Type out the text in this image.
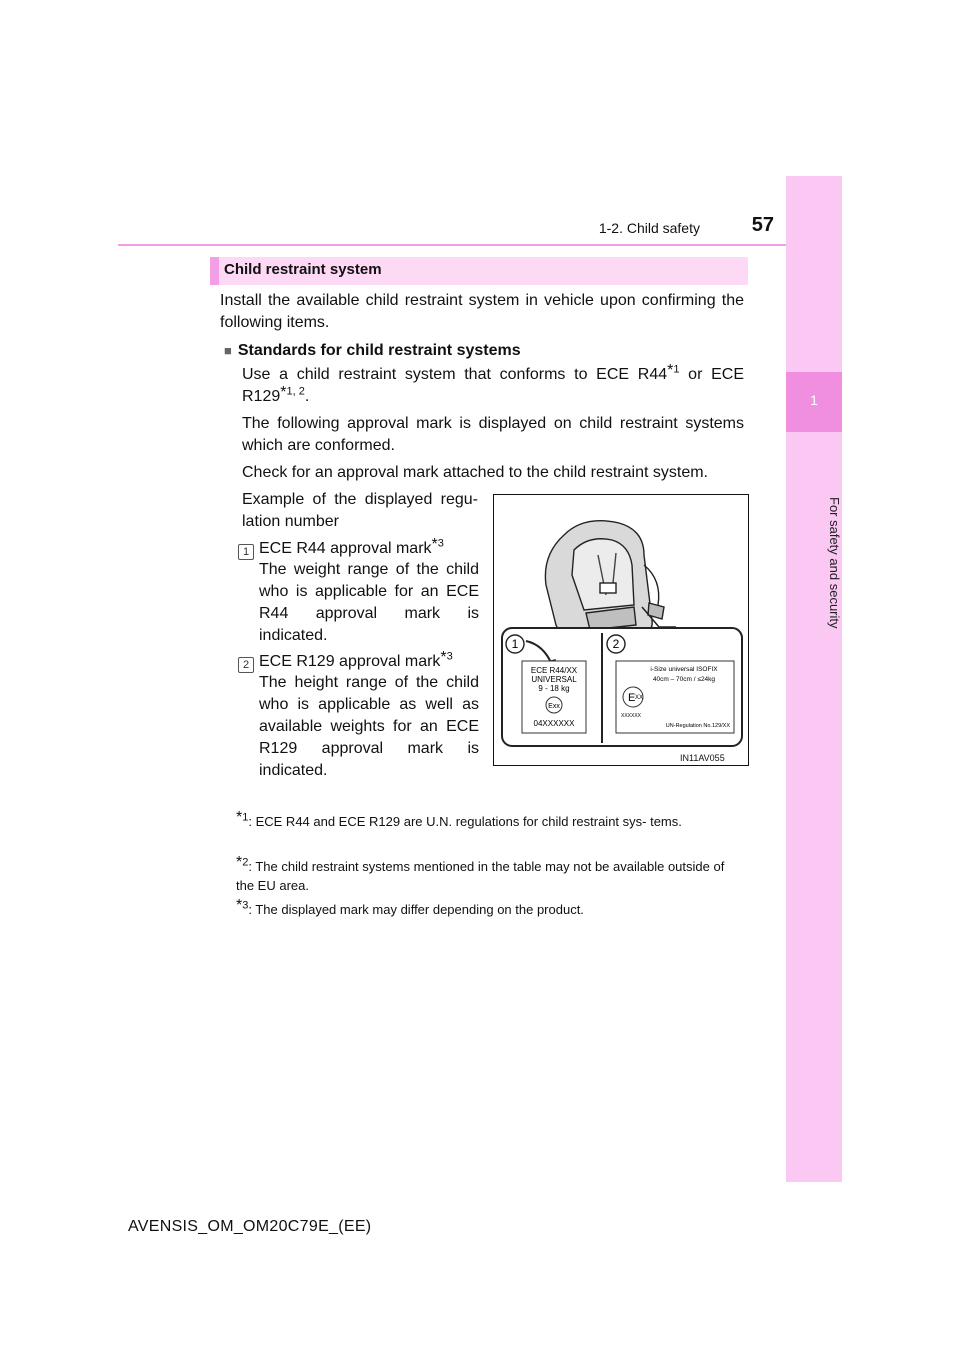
1
For safety and security
1-2. Child safety	57
Child restraint system
Install the available child restraint system in vehicle upon confirming the following items.
■ Standards for child restraint systems
Use a child restraint system that conforms to ECE R44*$^1$ or ECE R129*$^{1, 2}$.
The following approval mark is displayed on child restraint systems which are conformed.
Check for an approval mark attached to the child restraint system.
Example of the displayed regu- lation number
1 ECE R44 approval mark*$^3$
The weight range of the child who is applicable for an ECE R44 approval mark is indicated.
2 ECE R129 approval mark*$^3$
The height range of the child who is applicable as well as available weights for an ECE R129 approval mark is indicated.
*$^1$: ECE R44 and ECE R129 are U.N. regulations for child restraint sys- tems.
*$^2$: The child restraint systems mentioned in the table may not be available outside of the EU area.
*$^3$: The displayed mark may differ depending on the product.
1	2
ECE R44/XX
UNIVERSAL
9 - 18 kg
Exx
04XXXXXX
i-Size universal ISOFIX
40cm – 70cm / ≤24kg
E XX
XXXXXX
UN-Regulation No.129/XX
IN11AV055
AVENSIS_OM_OM20C79E_(EE)
